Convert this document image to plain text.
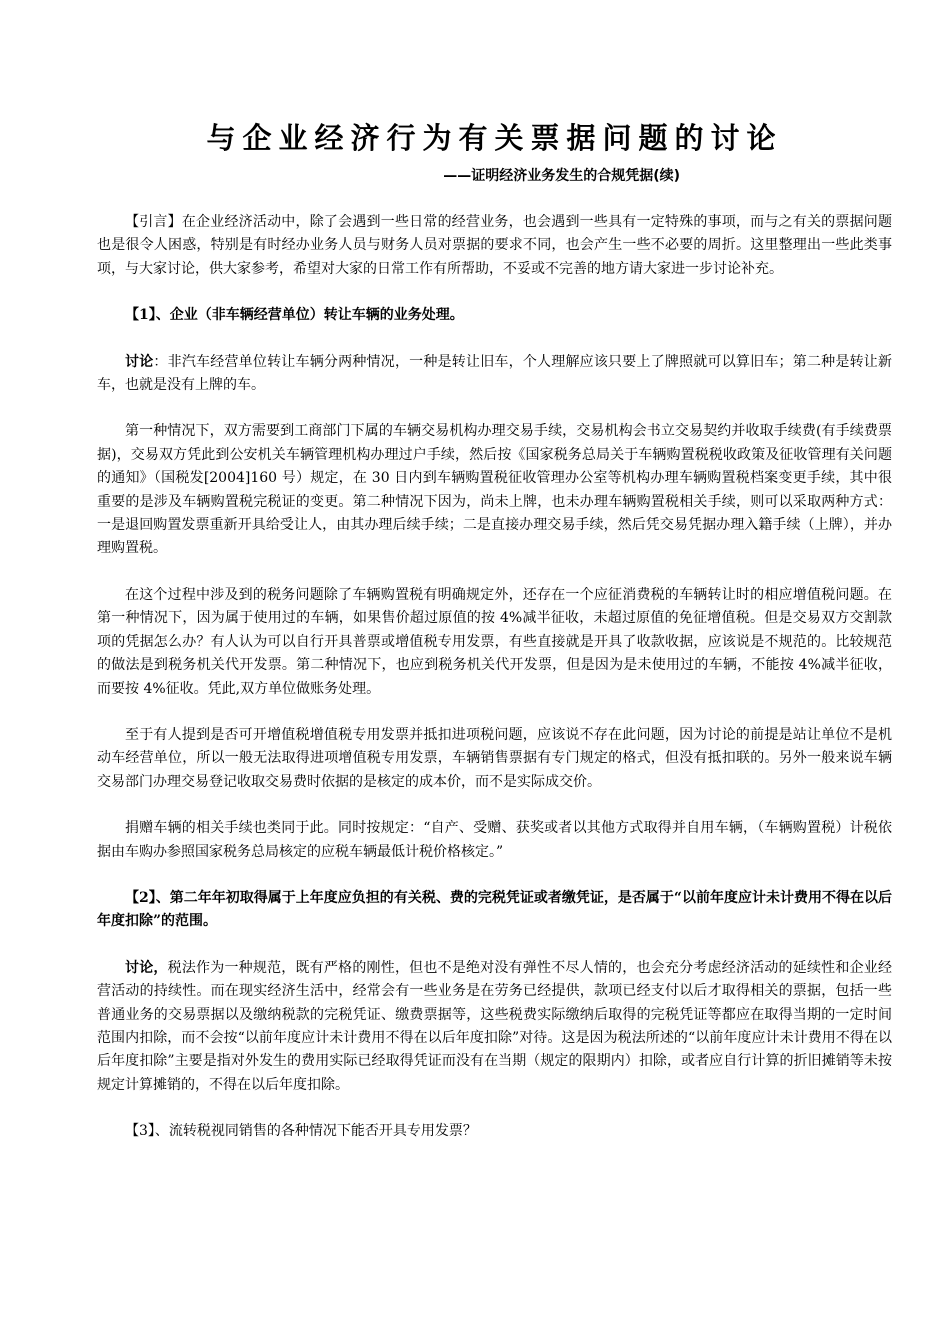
与企业经济行为有关票据问题的讨论
——证明经济业务发生的合规凭据(续)

【引言】在企业经济活动中，除了会遇到一些日常的经营业务，也会遇到一些具有一定特殊的事项，而与之有关的票据问题也是很令人困惑，特别是有时经办业务人员与财务人员对票据的要求不同，也会产生一些不必要的周折。这里整理出一些此类事项，与大家讨论，供大家参考，希望对大家的日常工作有所帮助，不妥或不完善的地方请大家进一步讨论补充。

【1】、企业（非车辆经营单位）转让车辆的业务处理。

讨论：非汽车经营单位转让车辆分两种情况，一种是转让旧车，个人理解应该只要上了牌照就可以算旧车；第二种是转让新车，也就是没有上牌的车。

第一种情况下，双方需要到工商部门下属的车辆交易机构办理交易手续，交易机构会书立交易契约并收取手续费(有手续费票据)，交易双方凭此到公安机关车辆管理机构办理过户手续，然后按《国家税务总局关于车辆购置税税收政策及征收管理有关问题的通知》（国税发[2004]160 号）规定，在 30 日内到车辆购置税征收管理办公室等机构办理车辆购置税档案变更手续，其中很重要的是涉及车辆购置税完税证的变更。第二种情况下因为，尚未上牌，也未办理车辆购置税相关手续，则可以采取两种方式：一是退回购置发票重新开具给受让人，由其办理后续手续；二是直接办理交易手续，然后凭交易凭据办理入籍手续（上牌），并办理购置税。

在这个过程中涉及到的税务问题除了车辆购置税有明确规定外，还存在一个应征消费税的车辆转让时的相应增值税问题。在第一种情况下，因为属于使用过的车辆，如果售价超过原值的按 4%减半征收，未超过原值的免征增值税。但是交易双方交割款项的凭据怎么办？有人认为可以自行开具普票或增值税专用发票，有些直接就是开具了收款收据，应该说是不规范的。比较规范的做法是到税务机关代开发票。第二种情况下，也应到税务机关代开发票，但是因为是未使用过的车辆，不能按 4%减半征收，而要按 4%征收。凭此,双方单位做账务处理。

至于有人提到是否可开增值税增值税专用发票并抵扣进项税问题，应该说不存在此问题，因为讨论的前提是站让单位不是机动车经营单位，所以一般无法取得进项增值税专用发票，车辆销售票据有专门规定的格式，但没有抵扣联的。另外一般来说车辆交易部门办理交易登记收取交易费时依据的是核定的成本价，而不是实际成交价。

捐赠车辆的相关手续也类同于此。同时按规定：“自产、受赠、获奖或者以其他方式取得并自用车辆，（车辆购置税）计税依据由车购办参照国家税务总局核定的应税车辆最低计税价格核定。”

【2】、第二年年初取得属于上年度应负担的有关税、费的完税凭证或者缴凭证，是否属于“以前年度应计未计费用不得在以后年度扣除”的范围。

讨论，税法作为一种规范，既有严格的刚性，但也不是绝对没有弹性不尽人情的，也会充分考虑经济活动的延续性和企业经营活动的持续性。而在现实经济生活中，经常会有一些业务是在劳务已经提供，款项已经支付以后才取得相关的票据，包括一些普通业务的交易票据以及缴纳税款的完税凭证、缴费票据等，这些税费实际缴纳后取得的完税凭证等都应在取得当期的一定时间范围内扣除，而不会按“以前年度应计未计费用不得在以后年度扣除”对待。这是因为税法所述的“以前年度应计未计费用不得在以后年度扣除”主要是指对外发生的费用实际已经取得凭证而没有在当期（规定的限期内）扣除，或者应自行计算的折旧摊销等未按规定计算摊销的，不得在以后年度扣除。

【3】、流转税视同销售的各种情况下能否开具专用发票？
